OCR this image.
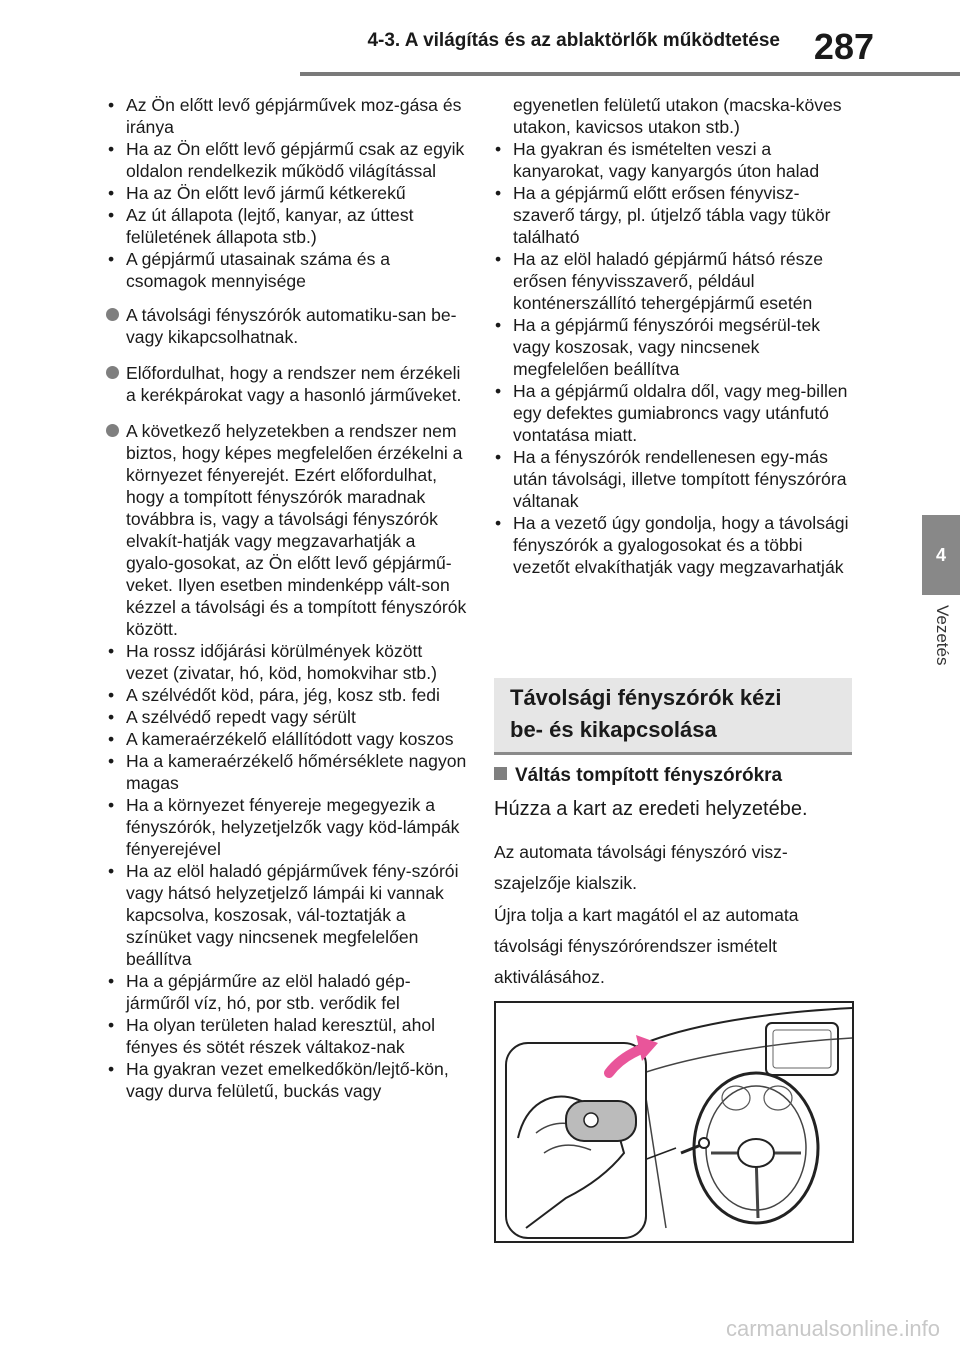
4-3. A világítás és az ablaktörlők működtetése 287
4
Vezetés
• Az Ön előtt levő gépjárművek moz-gása és iránya
• Ha az Ön előtt levő gépjármű csak az egyik oldalon rendelkezik működő világítással
• Ha az Ön előtt levő jármű kétkerekű
• Az út állapota (lejtő, kanyar, az úttest felületének állapota stb.)
• A gépjármű utasainak száma és a csomagok mennyisége
A távolsági fényszórók automatiku-san be- vagy kikapcsolhatnak.
Előfordulhat, hogy a rendszer nem érzékeli a kerékpárokat vagy a hasonló járműveket.
A következő helyzetekben a rendszer nem biztos, hogy képes megfelelően érzékelni a környezet fényerejét. Ezért előfordulhat, hogy a tompított fényszórók maradnak továbbra is, vagy a távolsági fényszórók elvakít-hatják vagy megzavarhatják a gyalo-gosokat, az Ön előtt levő gépjármű-veket. Ilyen esetben mindenképp vált-son kézzel a távolsági és a tompított fényszórók között.
• Ha rossz időjárási körülmények között vezet (zivatar, hó, köd, homokvihar stb.)
• A szélvédőt köd, pára, jég, kosz stb. fedi
• A szélvédő repedt vagy sérült
• A kameraérzékelő elállítódott vagy koszos
• Ha a kameraérzékelő hőmérséklete nagyon magas
• Ha a környezet fényereje megegyezik a fényszórók, helyzetjelzők vagy köd-lámpák fényerejével
• Ha az elöl haladó gépjárművek fény-szórói vagy hátsó helyzetjelző lámpái ki vannak kapcsolva, koszosak, vál-toztatják a színüket vagy nincsenek megfelelően beállítva
• Ha a gépjárműre az elöl haladó gép-járműről víz, hó, por stb. verődik fel
• Ha olyan területen halad keresztül, ahol fényes és sötét részek váltakoz-nak
• Ha gyakran vezet emelkedőkön/lejtő-kön, vagy durva felületű, buckás vagy
egyenetlen felületű utakon (macska-köves utakon, kavicsos utakon stb.)
• Ha gyakran és ismételten veszi a kanyarokat, vagy kanyargós úton halad
• Ha a gépjármű előtt erősen fényvisz-szaverő tárgy, pl. útjelző tábla vagy tükör található
• Ha az elöl haladó gépjármű hátsó része erősen fényvisszaverő, például konténerszállító tehergépjármű esetén
• Ha a gépjármű fényszórói megsérül-tek vagy koszosak, vagy nincsenek megfelelően beállítva
• Ha a gépjármű oldalra dől, vagy meg-billen egy defektes gumiabroncs vagy utánfutó vontatása miatt.
• Ha a fényszórók rendellenesen egy-más után távolsági, illetve tompított fényszóróra váltanak
• Ha a vezető úgy gondolja, hogy a távolsági fényszórók a gyalogosokat és a többi vezetőt elvakíthatják vagy megzavarhatják
Távolsági fényszórók kézi
be- és kikapcsolása
Váltás tompított fényszórókra
Húzza a kart az eredeti helyzetébe.
Az automata távolsági fényszóró visz-szajelzője kialszik.
Újra tolja a kart magától el az automata távolsági fényszórórendszer ismételt aktiválásához.
carmanualsonline.info
